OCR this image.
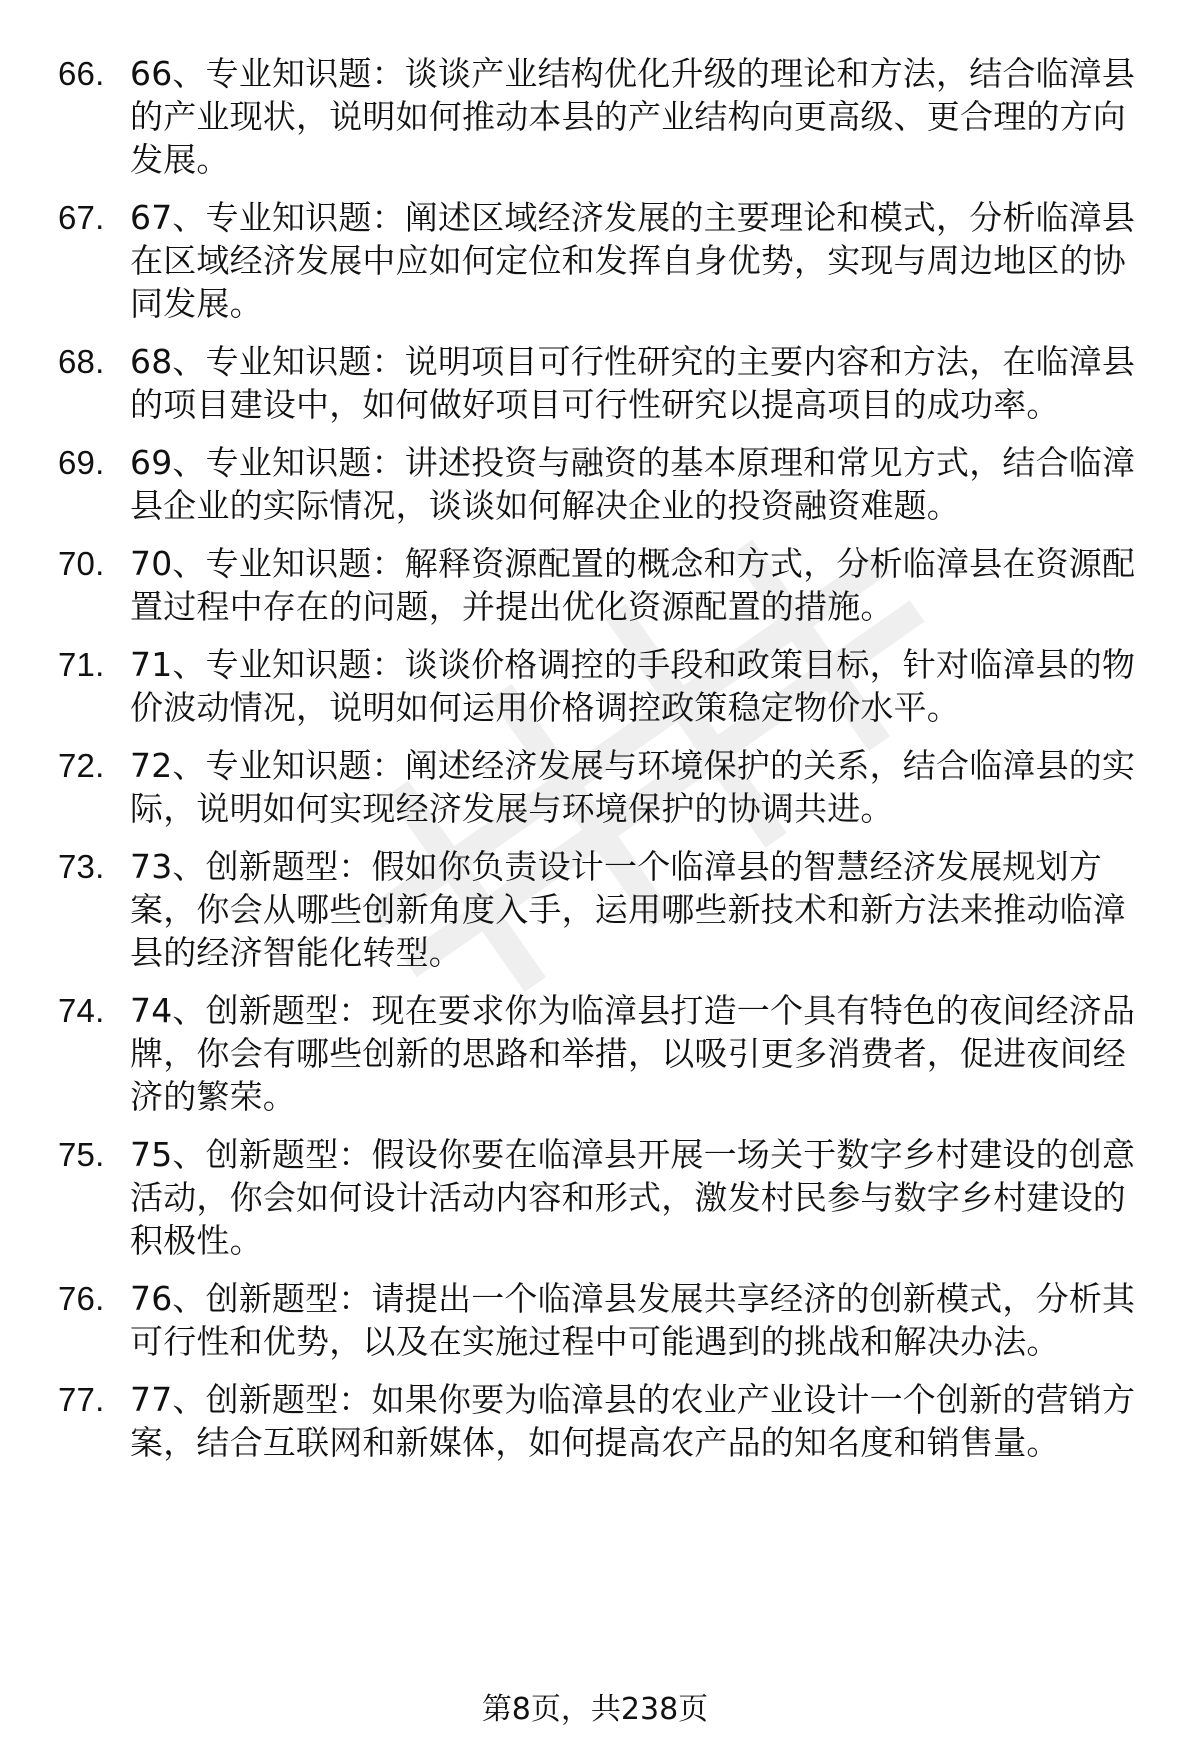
66. 66、专业知识题：谈谈产业结构优化升级的理论和方法，结合临漳县的产业现状，说明如何推动本县的产业结构向更高级、更合理的方向发展。
67. 67、专业知识题：阐述区域经济发展的主要理论和模式，分析临漳县在区域经济发展中应如何定位和发挥自身优势，实现与周边地区的协同发展。
68. 68、专业知识题：说明项目可行性研究的主要内容和方法，在临漳县的项目建设中，如何做好项目可行性研究以提高项目的成功率。
69. 69、专业知识题：讲述投资与融资的基本原理和常见方式，结合临漳县企业的实际情况，谈谈如何解决企业的投资融资难题。
70. 70、专业知识题：解释资源配置的概念和方式，分析临漳县在资源配置过程中存在的问题，并提出优化资源配置的措施。
71. 71、专业知识题：谈谈价格调控的手段和政策目标，针对临漳县的物价波动情况，说明如何运用价格调控政策稳定物价水平。
72. 72、专业知识题：阐述经济发展与环境保护的关系，结合临漳县的实际，说明如何实现经济发展与环境保护的协调共进。
73. 73、创新题型：假如你负责设计一个临漳县的智慧经济发展规划方案，你会从哪些创新角度入手，运用哪些新技术和新方法来推动临漳县的经济智能化转型。
74. 74、创新题型：现在要求你为临漳县打造一个具有特色的夜间经济品牌，你会有哪些创新的思路和举措，以吸引更多消费者，促进夜间经济的繁荣。
75. 75、创新题型：假设你要在临漳县开展一场关于数字乡村建设的创意活动，你会如何设计活动内容和形式，激发村民参与数字乡村建设的积极性。
76. 76、创新题型：请提出一个临漳县发展共享经济的创新模式，分析其可行性和优势，以及在实施过程中可能遇到的挑战和解决办法。
77. 77、创新题型：如果你要为临漳县的农业产业设计一个创新的营销方案，结合互联网和新媒体，如何提高农产品的知名度和销售量。
第8页，共238页
